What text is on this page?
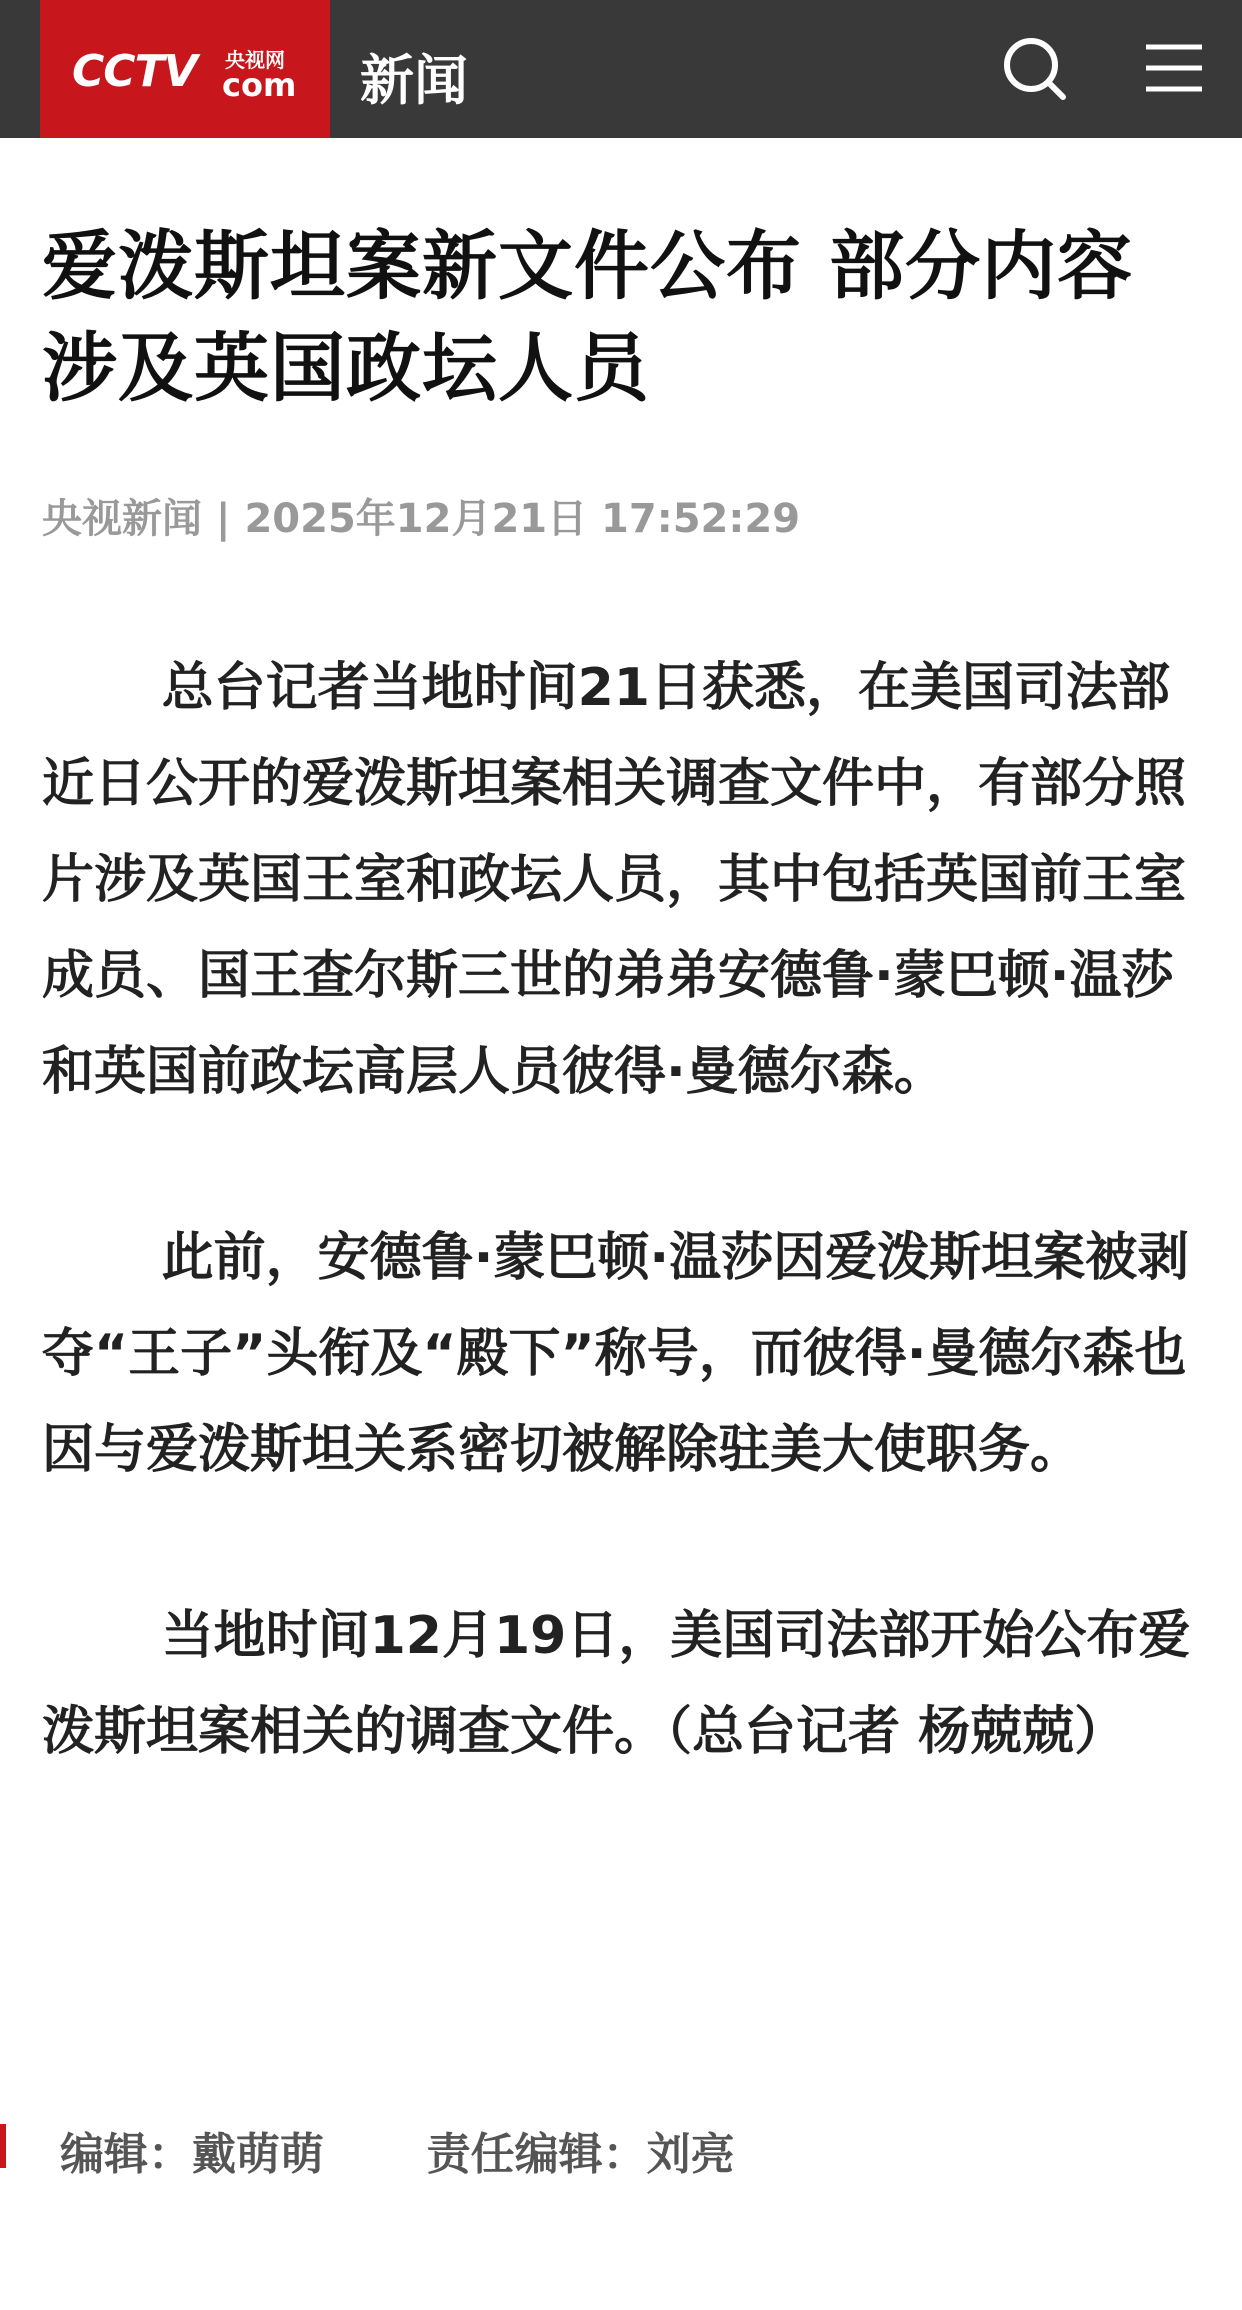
CCTV 央视网
com 新闻
爱泼斯坦案新文件公布 部分内容涉及英国政坛人员
央视新闻 | 2025年12月21日 17:52:29

总台记者当地时间21日获悉，在美国司法部近日公开的爱泼斯坦案相关调查文件中，有部分照片涉及英国王室和政坛人员，其中包括英国前王室成员、国王查尔斯三世的弟弟安德鲁·蒙巴顿·温莎和英国前政坛高层人员彼得·曼德尔森。

此前，安德鲁·蒙巴顿·温莎因爱泼斯坦案被剥夺“王子”头衔及“殿下”称号，而彼得·曼德尔森也因与爱泼斯坦关系密切被解除驻美大使职务。

当地时间12月19日，美国司法部开始公布爱泼斯坦案相关的调查文件。（总台记者 杨兢兢）

编辑：戴萌萌 责任编辑：刘亮
